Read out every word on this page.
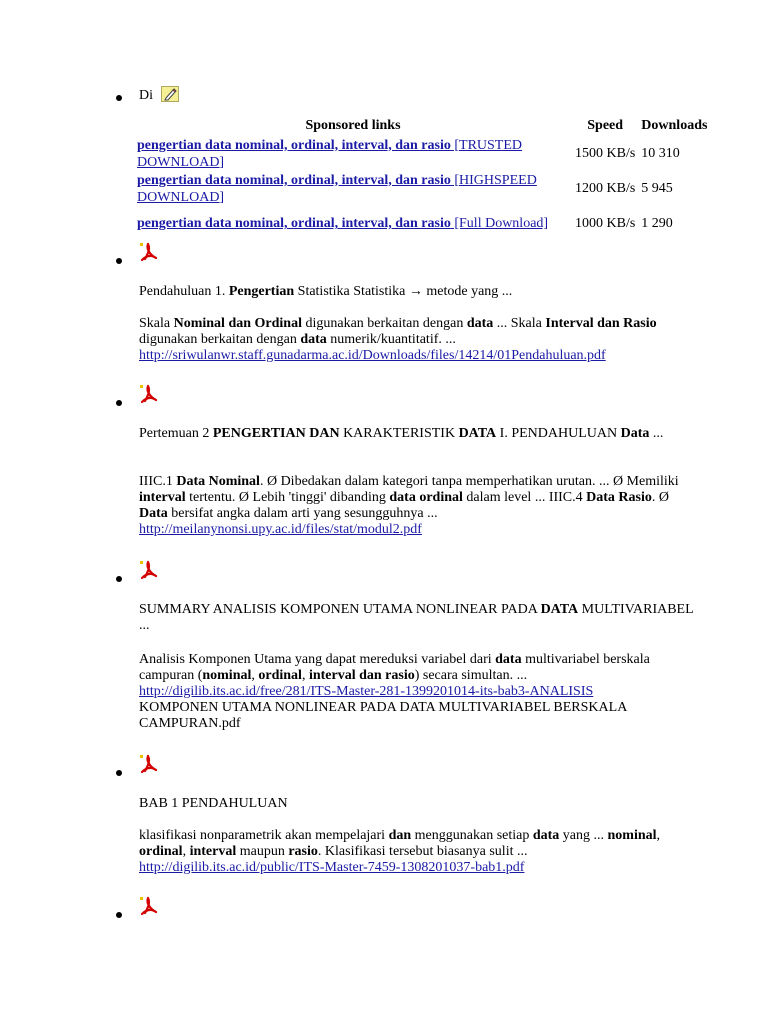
Di
Sponsored links	Speed	Downloads
pengertian data nominal, ordinal, interval, dan rasio [TRUSTED DOWNLOAD]	1500 KB/s	10 310
pengertian data nominal, ordinal, interval, dan rasio [HIGHSPEED DOWNLOAD]	1200 KB/s	5 945
pengertian data nominal, ordinal, interval, dan rasio [Full Download]	1000 KB/s	1 290
Pendahuluan 1. Pengertian Statistika Statistika → metode yang ...

Skala Nominal dan Ordinal digunakan berkaitan dengan data ... Skala Interval dan Rasio digunakan berkaitan dengan data numerik/kuantitatif. ...

http://sriwulanwr.staff.gunadarma.ac.id/Downloads/files/14214/01Pendahuluan.pdf
Pertemuan 2 PENGERTIAN DAN KARAKTERISTIK DATA I. PENDAHULUAN Data ...

IIIC.1 Data Nominal. Ø Dibedakan dalam kategori tanpa memperhatikan urutan. ... Ø Memiliki interval tertentu. Ø Lebih 'tinggi' dibanding data ordinal dalam level ... IIIC.4 Data Rasio. Ø Data bersifat angka dalam arti yang sesungguhnya ...

http://meilanynonsi.upy.ac.id/files/stat/modul2.pdf
SUMMARY ANALISIS KOMPONEN UTAMA NONLINEAR PADA DATA MULTIVARIABEL ...

Analisis Komponen Utama yang dapat mereduksi variabel dari data multivariabel berskala campuran (nominal, ordinal, interval dan rasio) secara simultan. ...

http://digilib.its.ac.id/free/281/ITS-Master-281-1399201014-its-bab3-ANALISIS
KOMPONEN UTAMA NONLINEAR PADA DATA MULTIVARIABEL BERSKALA CAMPURAN.pdf
BAB 1 PENDAHULUAN

klasifikasi nonparametrik akan mempelajari dan menggunakan setiap data yang ... nominal, ordinal, interval maupun rasio. Klasifikasi tersebut biasanya sulit ...

http://digilib.its.ac.id/public/ITS-Master-7459-1308201037-bab1.pdf
